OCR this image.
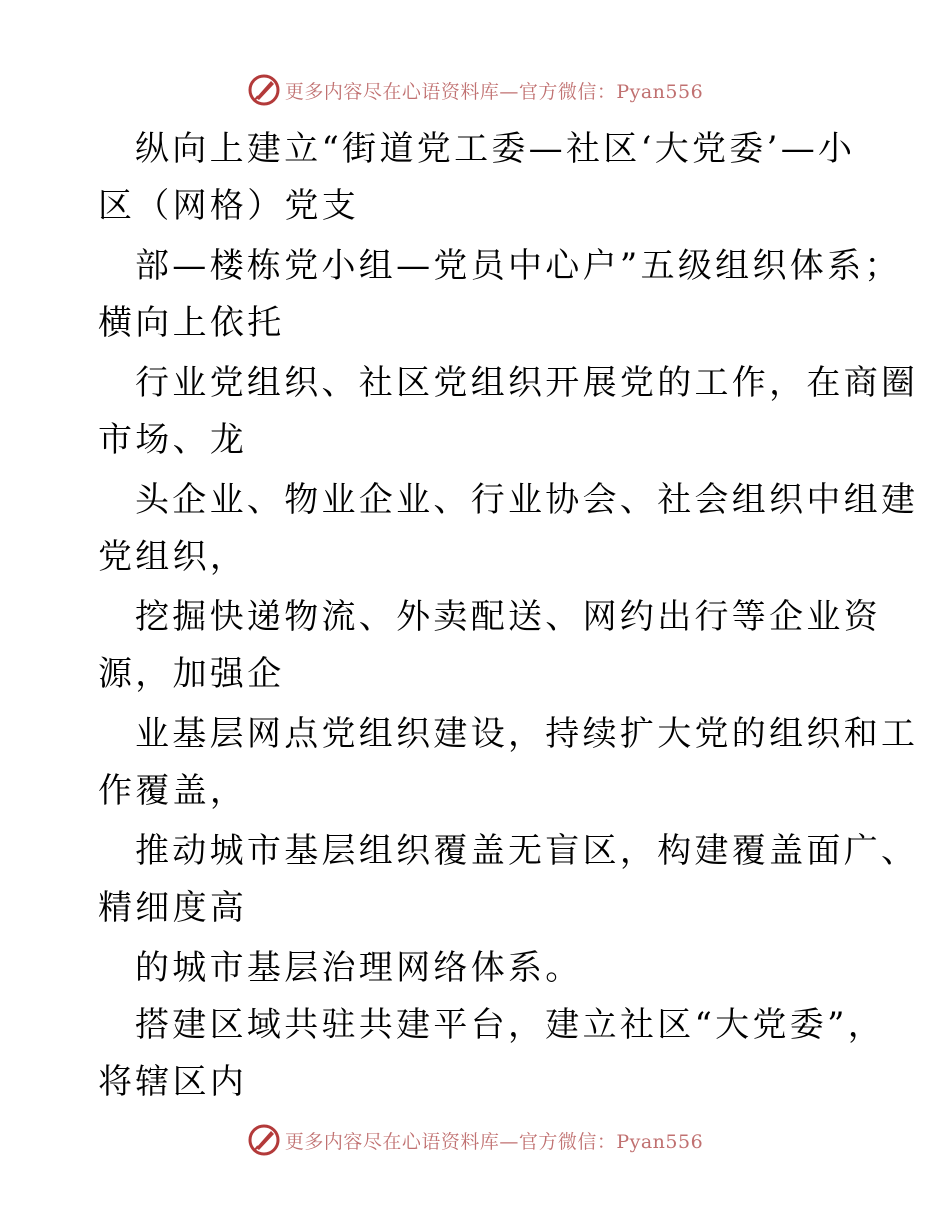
更多内容尽在心语资料库—官方微信：Pyan556
纵向上建立“街道党工委—社区‘大党委’—小
区（网格）党支
部—楼栋党小组—党员中心户”五级组织体系；
横向上依托
行业党组织、社区党组织开展党的工作，在商圈
市场、龙
头企业、物业企业、行业协会、社会组织中组建
党组织，
挖掘快递物流、外卖配送、网约出行等企业资
源，加强企
业基层网点党组织建设，持续扩大党的组织和工
作覆盖，
推动城市基层组织覆盖无盲区，构建覆盖面广、
精细度高
的城市基层治理网络体系。
搭建区域共驻共建平台，建立社区“大党委”，
将辖区内
更多内容尽在心语资料库—官方微信：Pyan556
